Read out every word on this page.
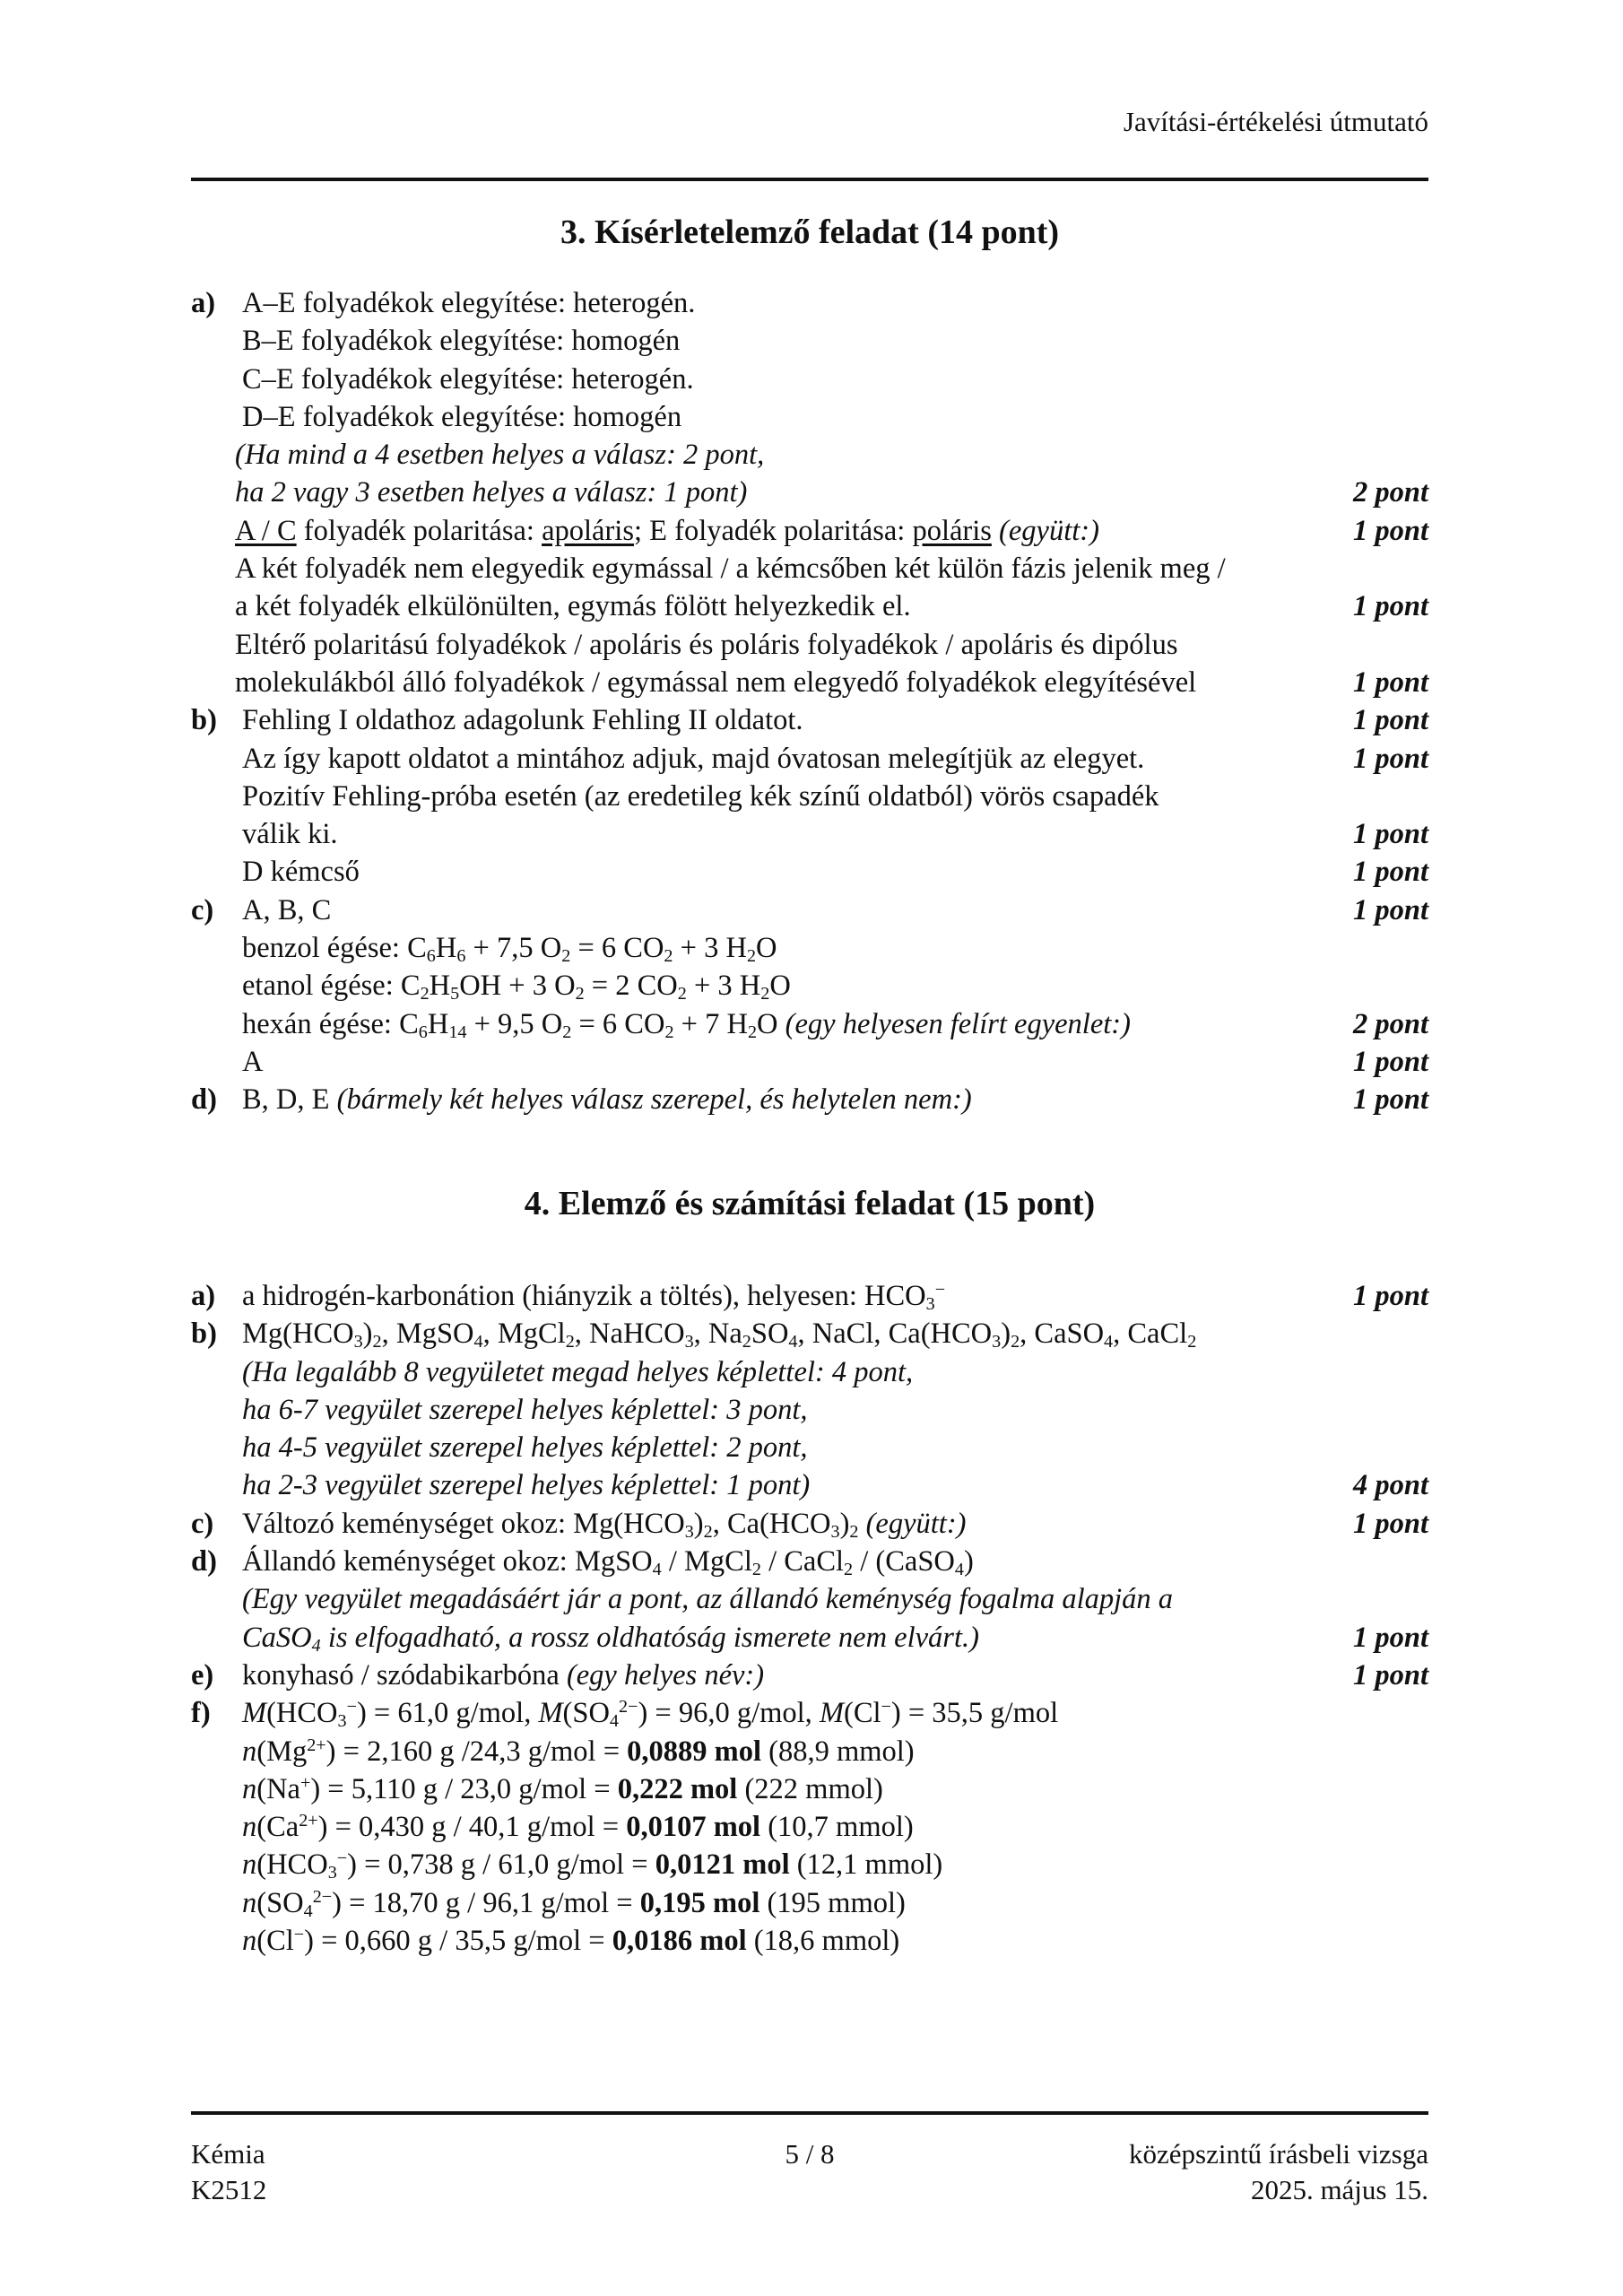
Javítási-értékelési útmutató
3. Kísérletelemző feladat (14 pont)
a) A–E folyadékok elegyítése: heterogén.
B–E folyadékok elegyítése: homogén
C–E folyadékok elegyítése: heterogén.
D–E folyadékok elegyítése: homogén
(Ha mind a 4 esetben helyes a válasz: 2 pont,
ha 2 vagy 3 esetben helyes a válasz: 1 pont)	2 pont
A / C folyadék polaritása: apoláris; E folyadék polaritása: poláris (együtt:)	1 pont
A két folyadék nem elegyedik egymással / a kémcsőben két külön fázis jelenik meg /
a két folyadék elkülönülten, egymás fölött helyezkedik el.	1 pont
Eltérő polaritású folyadékok / apoláris és poláris folyadékok / apoláris és dipólus
molekulákból álló folyadékok / egymással nem elegyedő folyadékok elegyítésével	1 pont
b) Fehling I oldathoz adagolunk Fehling II oldatot.	1 pont
Az így kapott oldatot a mintához adjuk, majd óvatosan melegítjük az elegyet.	1 pont
Pozitív Fehling-próba esetén (az eredetileg kék színű oldatból) vörös csapadék
válik ki.	1 pont
D kémcső	1 pont
c) A, B, C	1 pont
benzol égése: $C_6H_6 + 7,5$ $O_2 = 6$ $CO_2 + 3$ $H_2O$
etanol égése: $C_2H_5OH + 3$ $O_2 = 2$ $CO_2 + 3$ $H_2O$
hexán égése: $C_6H_{14} + 9,5$ $O_2 = 6$ $CO_2 + 7$ $H_2O$ (egy helyesen felírt egyenlet:)	2 pont
A	1 pont
d) B, D, E (bármely két helyes válasz szerepel, és helytelen nem:)	1 pont
4. Elemző és számítási feladat (15 pont)
a) a hidrogén-karbonátion (hiányzik a töltés), helyesen: $HCO_3^-$	1 pont
b) $Mg(HCO_3)_2$, MgSO$_4$, MgCl$_2$, NaHCO$_3$, $Na_2SO_4$, NaCl, $Ca(HCO_3)_2$, CaSO$_4$, CaCl$_2$
(Ha legalább 8 vegyületet megad helyes képlettel: 4 pont,
ha 6-7 vegyület szerepel helyes képlettel: 3 pont,
ha 4-5 vegyület szerepel helyes képlettel: 2 pont,
ha 2-3 vegyület szerepel helyes képlettel: 1 pont)	4 pont
c) Változó keménységet okoz: $Mg(HCO_3)_2$, $Ca(HCO_3)_2$ (együtt:)	1 pont
d) Állandó keménységet okoz: MgSO$_4$ / MgCl$_2$ / CaCl$_2$ / (CaSO$_4$)
(Egy vegyület megadásáért jár a pont, az állandó keménység fogalma alapján a
CaSO$_4$ is elfogadható, a rossz oldhatóság ismerete nem elvárt.)	1 pont
e) konyhasó / szódabikarbóna (egy helyes név:)	1 pont
f) $M(HCO_3^-) = 61,0$ g/mol, $M(SO_4^{2-}) = 96,0$ g/mol, M(Cl−) = 35,5 g/mol
$n(Mg^{2+}) = 2,160$ g /24,3 g/mol = 0,0889 mol (88,9 mmol)
n(Na+) = 5,110 g / 23,0 g/mol = 0,222 mol (222 mmol)
$n(Ca^{2+}) = 0,430$ g / 40,1 g/mol = 0,0107 mol (10,7 mmol)
$n(HCO_3^-) = 0,738$ g / 61,0 g/mol = 0,0121 mol (12,1 mmol)
$n(SO_4^{2-}) = 18,70$ g / 96,1 g/mol = 0,195 mol (195 mmol)
n(Cl−) = 0,660 g / 35,5 g/mol = 0,0186 mol (18,6 mmol)
Kémia	5 / 8	középszintű írásbeli vizsga
K2512	2025. május 15.
